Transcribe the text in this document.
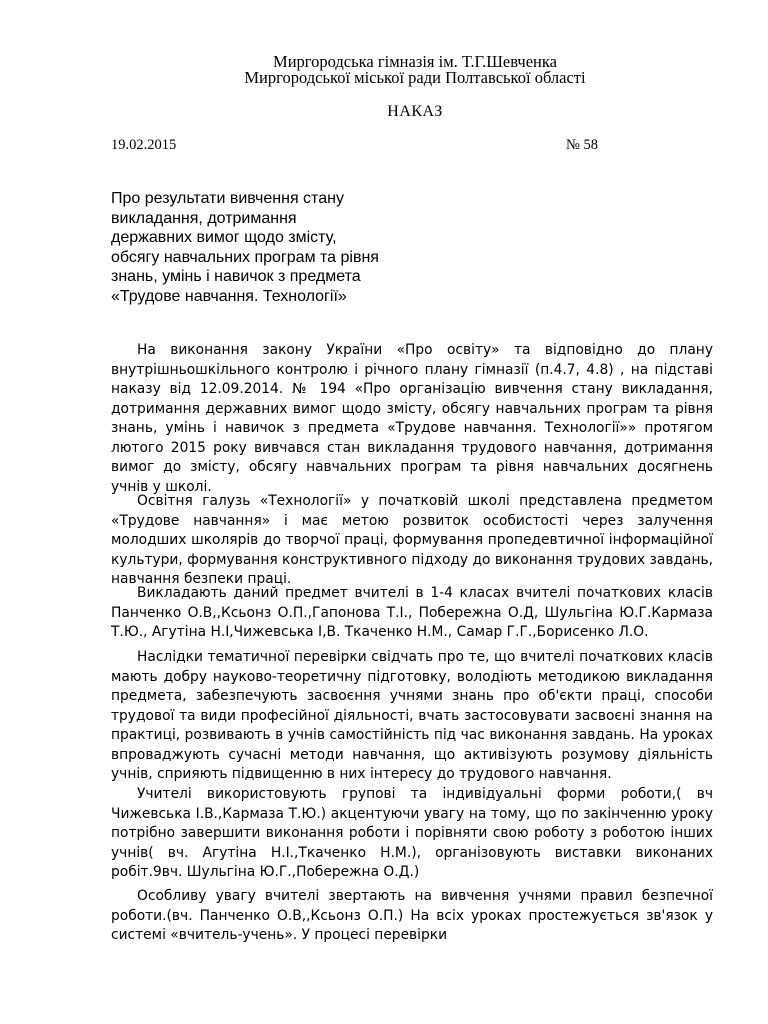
Миргородська гімназія ім. Т.Г.Шевченка
Миргородської міської ради Полтавської області
НАКАЗ
19.02.2015	№ 58
Про результати вивчення стану викладання, дотримання державних вимог щодо змісту, обсягу навчальних програм та рівня знань, умінь і навичок з предмета «Трудове навчання. Технології»

На виконання закону України «Про освіту» та відповідно до плану внутрішньошкільного контролю і річного плану гімназії (п.4.7, 4.8) , на підставі наказу від 12.09.2014. № 194 «Про організацію вивчення стану викладання, дотримання державних вимог щодо змісту, обсягу навчальних програм та рівня знань, умінь і навичок з предмета «Трудове навчання. Технології»» протягом лютого 2015 року вивчався стан викладання трудового навчання, дотримання вимог до змісту, обсягу навчальних програм та рівня навчальних досягнень учнів у школі.

Освітня галузь «Технології» у початковій школі представлена предметом «Трудове навчання» і має метою розвиток особистості через залучення молодших школярів до творчої праці, формування пропедевтичної інформаційної культури, формування конструктивного підходу до виконання трудових завдань, навчання безпеки праці.

Викладають даний предмет вчителі в 1-4 класах вчителі початкових класів Панченко О.В,,Ксьонз О.П.,Гапонова Т.І., Побережна О.Д, Шульгіна Ю.Г.Кармаза Т.Ю., Агутіна Н.І,Чижевська І,В. Ткаченко Н.М., Самар Г.Г.,Борисенко Л.О.

Наслідки тематичної перевірки свідчать про те, що вчителі початкових класів мають добру науково-теоретичну підготовку, володіють методикою викладання предмета, забезпечують засвоєння учнями знань про об'єкти праці, способи трудової та види професійної діяльності, вчать застосовувати засвоєні знання на практиці, розвивають в учнів самостійність під час виконання завдань. На уроках впроваджують сучасні методи навчання, що активізують розумову діяльність учнів, сприяють підвищенню в них інтересу до трудового навчання.

Учителі використовують групові та індивідуальні форми роботи,( вч Чижевська І.В.,Кармаза Т.Ю.) акцентуючи увагу на тому, що по закінченню уроку потрібно завершити виконання роботи і порівняти свою роботу з роботою інших учнів( вч. Агутіна Н.І.,Ткаченко Н.М.), організовують виставки виконаних робіт.9вч. Шульгіна Ю.Г.,Побережна О.Д.)

Особливу увагу вчителі звертають на вивчення учнями правил безпечної роботи.(вч. Панченко О.В,,Ксьонз О.П.) На всіх уроках простежується зв'язок у системі «вчитель-учень». У процесі перевірки
